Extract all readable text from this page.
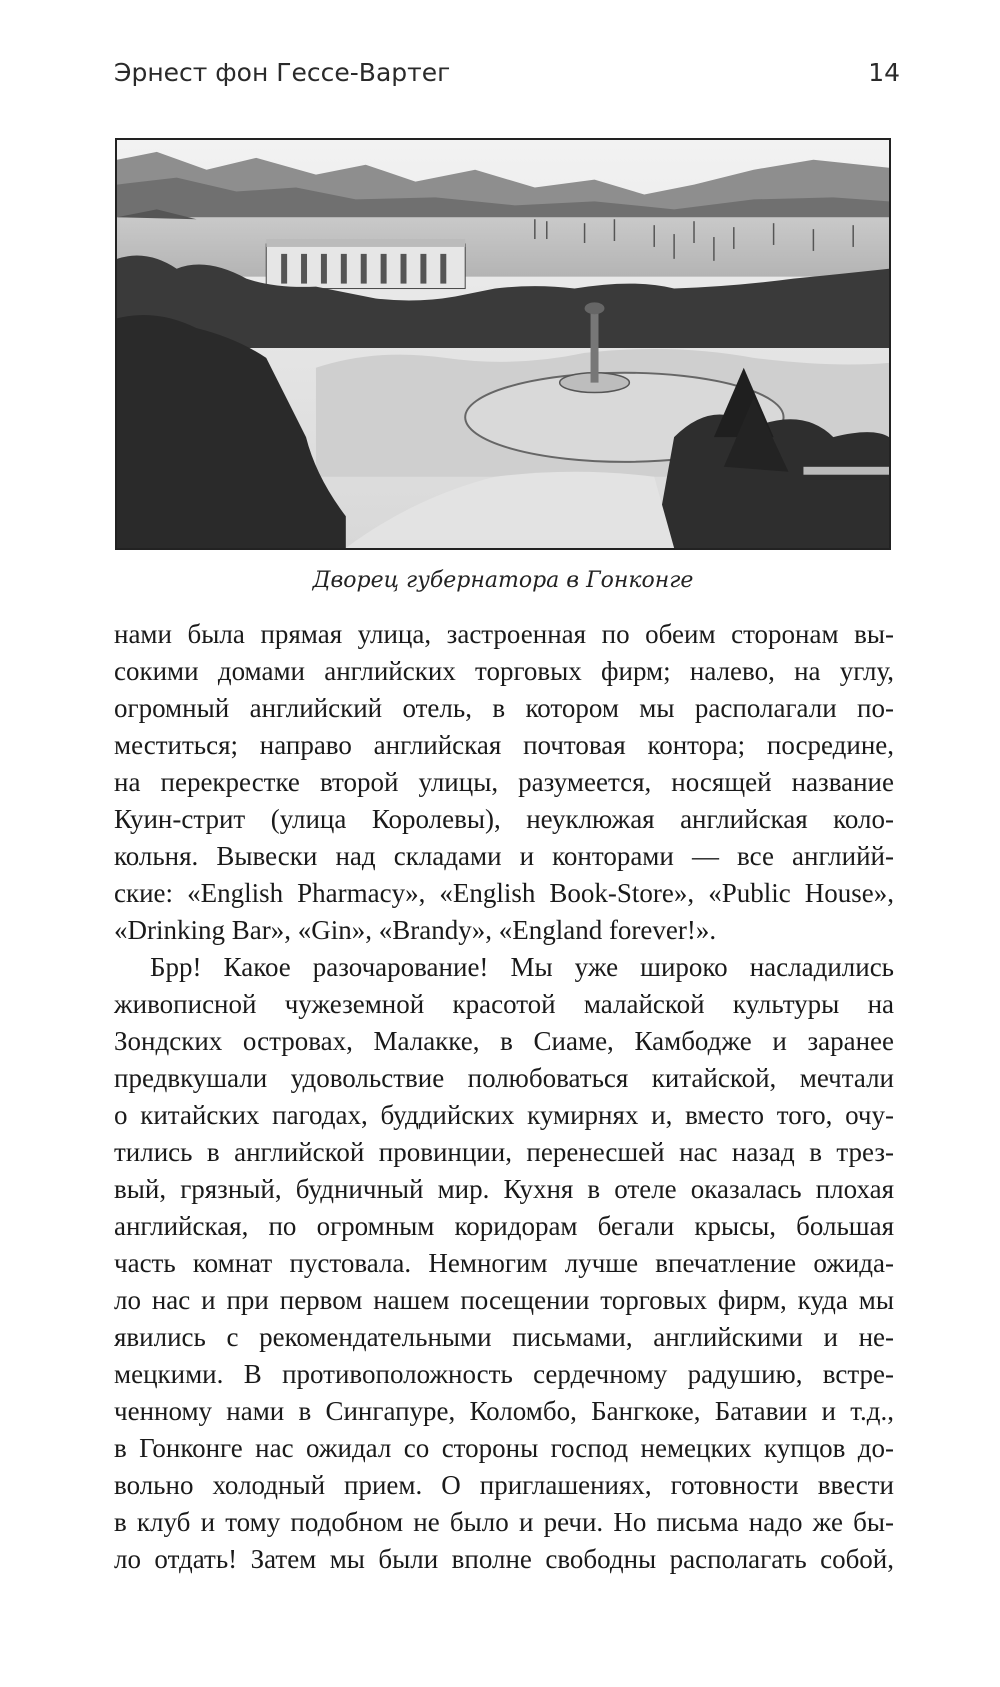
Эрнест фон Гессе-Вартег	14
Дворец губернатора в Гонконге

нами была прямая улица, застроенная по обеим сторонам вы-
сокими домами английских торговых фирм; налево, на углу,
огромный английский отель, в котором мы располагали по-
меститься; направо английская почтовая контора; посредине,
на перекрестке второй улицы, разумеется, носящей название
Куин-стрит (улица Королевы), неуклюжая английская коло-
кольня. Вывески над складами и конторами — все английй-
ские: «English Pharmacy», «English Book-Store», «Public House»,
«Drinking Bar», «Gin», «Brandy», «England forever!».

Брр! Какое разочарование! Мы уже широко насладились
живописной чужеземной красотой малайской культуры на
Зондских островах, Малакке, в Сиаме, Камбодже и заранее
предвкушали удовольствие полюбоваться китайской, мечтали
о китайских пагодах, буддийских кумирнях и, вместо того, очу-
тились в английской провинции, перенесшей нас назад в трез-
вый, грязный, будничный мир. Кухня в отеле оказалась плохая
английская, по огромным коридорам бегали крысы, большая
часть комнат пустовала. Немногим лучше впечатление ожида-
ло нас и при первом нашем посещении торговых фирм, куда мы
явились с рекомендательными письмами, английскими и не-
мецкими. В противоположность сердечному радушию, встре-
ченному нами в Сингапуре, Коломбо, Бангкоке, Батавии и т.д.,
в Гонконге нас ожидал со стороны господ немецких купцов до-
вольно холодный прием. О приглашениях, готовности ввести
в клуб и тому подобном не было и речи. Но письма надо же бы-
ло отдать! Затем мы были вполне свободны располагать собой,
